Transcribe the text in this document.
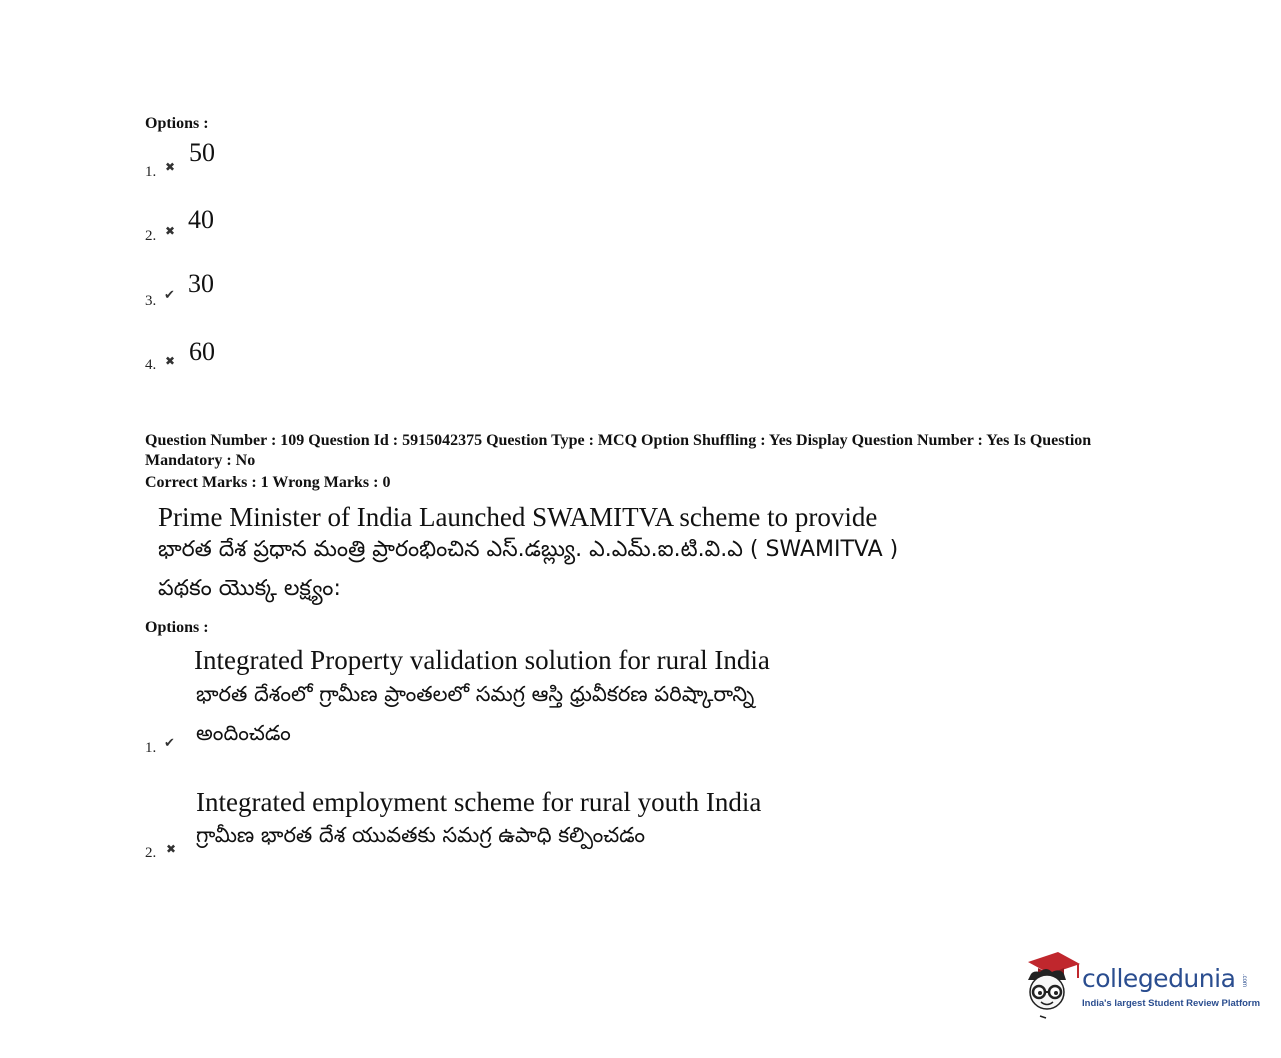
Options :
1. ✖ 50
2. ✖ 40
3. ✔ 30
4. ✖ 60
Question Number : 109 Question Id : 5915042375 Question Type : MCQ Option Shuffling : Yes Display Question Number : Yes Is Question Mandatory : No
Correct Marks : 1 Wrong Marks : 0
Prime Minister of India Launched SWAMITVA scheme to provide
భారత దేశ ప్రధాన మంత్రి ప్రారంభించిన ఎస్.డబ్ల్యు. ఎ.ఎమ్.ఐ.టి.వి.ఎ ( SWAMITVA )
పథకం యొక్క లక్ష్యం:
Options :
Integrated Property validation solution for rural India
భారత దేశంలో గ్రామీణ ప్రాంతలలో సమగ్ర ఆస్తి ధ్రువీకరణ పరిష్కారాన్ని
అందించడం
1. ✔
Integrated employment scheme for rural youth India
గ్రామీణ భారత దేశ యువతకు సమగ్ర ఉపాధి కల్పించడం
2. ✖
collegedunia .com
India's largest Student Review Platform
